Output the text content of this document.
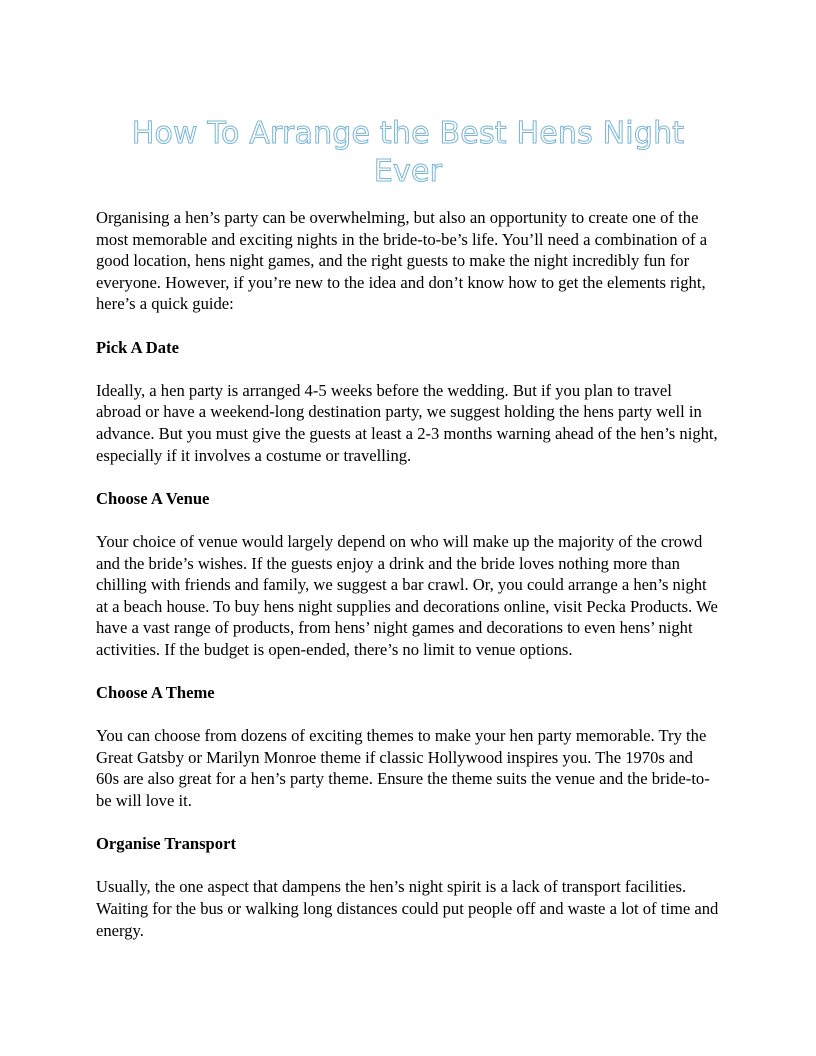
How To Arrange the Best Hens Night Ever

Organising a hen’s party can be overwhelming, but also an opportunity to create one of the most memorable and exciting nights in the bride-to-be’s life. You’ll need a combination of a good location, hens night games, and the right guests to make the night incredibly fun for everyone. However, if you’re new to the idea and don’t know how to get the elements right, here’s a quick guide:

Pick A Date

Ideally, a hen party is arranged 4-5 weeks before the wedding. But if you plan to travel abroad or have a weekend-long destination party, we suggest holding the hens party well in advance. But you must give the guests at least a 2-3 months warning ahead of the hen’s night, especially if it involves a costume or travelling.

Choose A Venue

Your choice of venue would largely depend on who will make up the majority of the crowd and the bride’s wishes. If the guests enjoy a drink and the bride loves nothing more than chilling with friends and family, we suggest a bar crawl. Or, you could arrange a hen’s night at a beach house. To buy hens night supplies and decorations online, visit Pecka Products. We have a vast range of products, from hens’ night games and decorations to even hens’ night activities. If the budget is open-ended, there’s no limit to venue options.

Choose A Theme

You can choose from dozens of exciting themes to make your hen party memorable. Try the Great Gatsby or Marilyn Monroe theme if classic Hollywood inspires you. The 1970s and 60s are also great for a hen’s party theme. Ensure the theme suits the venue and the bride-to-be will love it.

Organise Transport

Usually, the one aspect that dampens the hen’s night spirit is a lack of transport facilities. Waiting for the bus or walking long distances could put people off and waste a lot of time and energy.
